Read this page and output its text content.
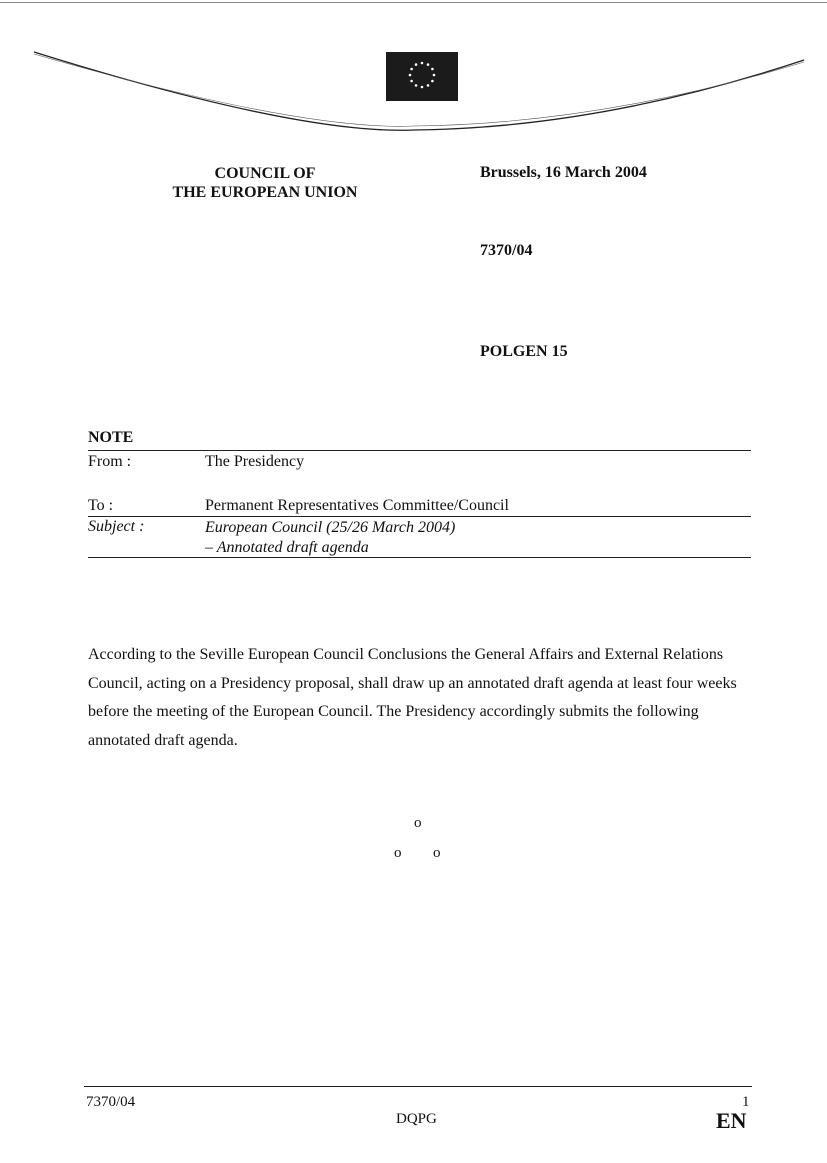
COUNCIL OF
THE EUROPEAN UNION
Brussels, 16 March 2004
7370/04
POLGEN 15
NOTE
From :	The Presidency
To :	Permanent Representatives Committee/Council
Subject :	European Council (25/26 March 2004)
– Annotated draft agenda
According to the Seville European Council Conclusions the General Affairs and External Relations Council, acting on a Presidency proposal, shall draw up an annotated draft agenda at least four weeks before the meeting of the European Council. The Presidency accordingly submits the following annotated draft agenda.
o
o o
7370/04
DQPG
1
EN
